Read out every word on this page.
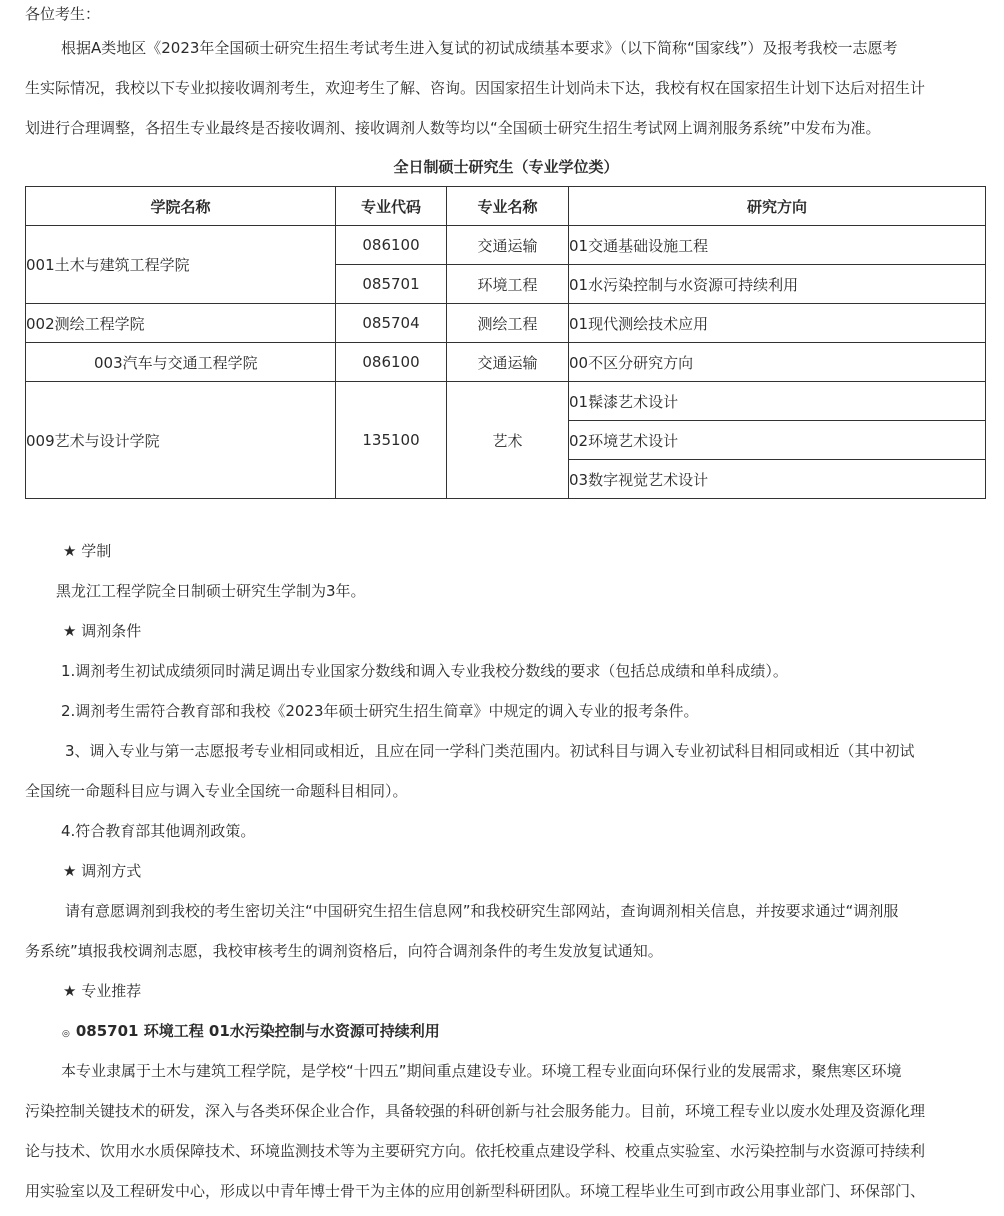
各位考生：
根据A类地区《2023年全国硕士研究生招生考试考生进入复试的初试成绩基本要求》（以下简称“国家线”）及报考我校一志愿考
生实际情况，我校以下专业拟接收调剂考生，欢迎考生了解、咨询。因国家招生计划尚未下达，我校有权在国家招生计划下达后对招生计
划进行合理调整，各招生专业最终是否接收调剂、接收调剂人数等均以“全国硕士研究生招生考试网上调剂服务系统”中发布为准。
全日制硕士研究生（专业学位类）
学院名称	专业代码	专业名称	研究方向
001土木与建筑工程学院	086100	交通运输	01交通基础设施工程
	085701	环境工程	01水污染控制与水资源可持续利用
002测绘工程学院	085704	测绘工程	01现代测绘技术应用
003汽车与交通工程学院	086100	交通运输	00不区分研究方向
009艺术与设计学院	135100	艺术	01髹漆艺术设计
			02环境艺术设计
			03数字视觉艺术设计
★ 学制
黑龙江工程学院全日制硕士研究生学制为3年。
★ 调剂条件
1.调剂考生初试成绩须同时满足调出专业国家分数线和调入专业我校分数线的要求（包括总成绩和单科成绩）。
2.调剂考生需符合教育部和我校《2023年硕士研究生招生简章》中规定的调入专业的报考条件。
3、调入专业与第一志愿报考专业相同或相近，且应在同一学科门类范围内。初试科目与调入专业初试科目相同或相近（其中初试
全国统一命题科目应与调入专业全国统一命题科目相同）。
4.符合教育部其他调剂政策。
★ 调剂方式
请有意愿调剂到我校的考生密切关注“中国研究生招生信息网”和我校研究生部网站，查询调剂相关信息，并按要求通过“调剂服
务系统”填报我校调剂志愿，我校审核考生的调剂资格后，向符合调剂条件的考生发放复试通知。
★ 专业推荐
◎ 085701 环境工程 01水污染控制与水资源可持续利用
本专业隶属于土木与建筑工程学院，是学校“十四五”期间重点建设专业。环境工程专业面向环保行业的发展需求，聚焦寒区环境
污染控制关键技术的研发，深入与各类环保企业合作，具备较强的科研创新与社会服务能力。目前，环境工程专业以废水处理及资源化理
论与技术、饮用水水质保障技术、环境监测技术等为主要研究方向。依托校重点建设学科、校重点实验室、水污染控制与水资源可持续利
用实验室以及工程研发中心，形成以中青年博士骨干为主体的应用创新型科研团队。环境工程毕业生可到市政公用事业部门、环保部门、
